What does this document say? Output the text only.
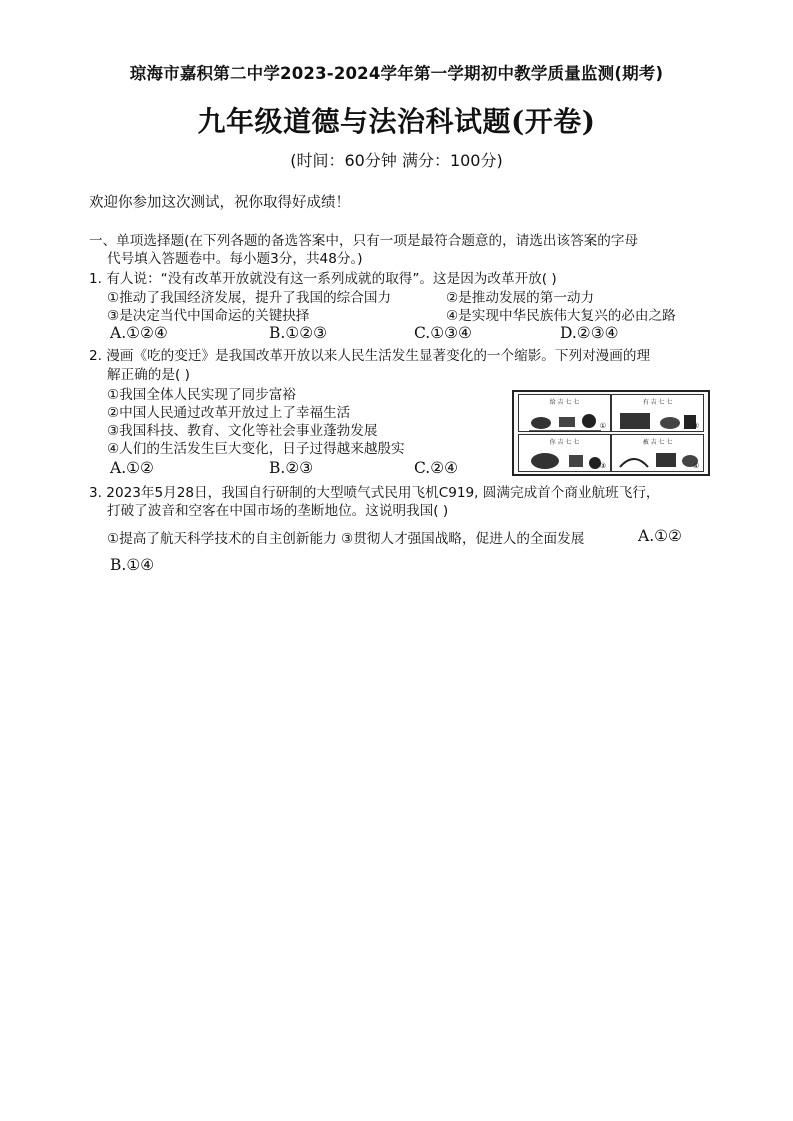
琼海市嘉积第二中学2023-2024学年第一学期初中教学质量监测(期考)
九年级道德与法治科试题(开卷)
(时间：60分钟 满分：100分)
欢迎你参加这次测试，祝你取得好成绩！
一、单项选择题(在下列各题的备选答案中，只有一项是最符合题意的，请选出该答案的字母
代号填入答题卷中。每小题3分，共48分。)
1. 有人说：“没有改革开放就没有这一系列成就的取得”。这是因为改革开放( )
①推动了我国经济发展，提升了我国的综合国力	②是推动发展的第一动力
③是决定当代中国命运的关键抉择	④是实现中华民族伟大复兴的必由之路
A.①②④	B.①②③	C.①③④	D.②③④
2. 漫画《吃的变迁》是我国改革开放以来人民生活发生显著变化的一个缩影。下列对漫画的理
解正确的是( )
①我国全体人民实现了同步富裕
②中国人民通过改革开放过上了幸福生活
③我国科技、教育、文化等社会事业蓬勃发展
④人们的生活发生巨大变化，日子过得越来越殷实
A.①②	B.②③	C.②④
给 吉 七 七
①
有 吉 七 七
②
你 吉 七 七
③
被 吉 七 七
④
3. 2023年5月28日，我国自行研制的大型喷气式民用飞机C919, 圆满完成首个商业航班飞行，
打破了波音和空客在中国市场的垄断地位。这说明我国( )
①提高了航天科学技术的自主创新能力 ③贯彻人才强国战略，促进人的全面发展	A.①②
B.①④
